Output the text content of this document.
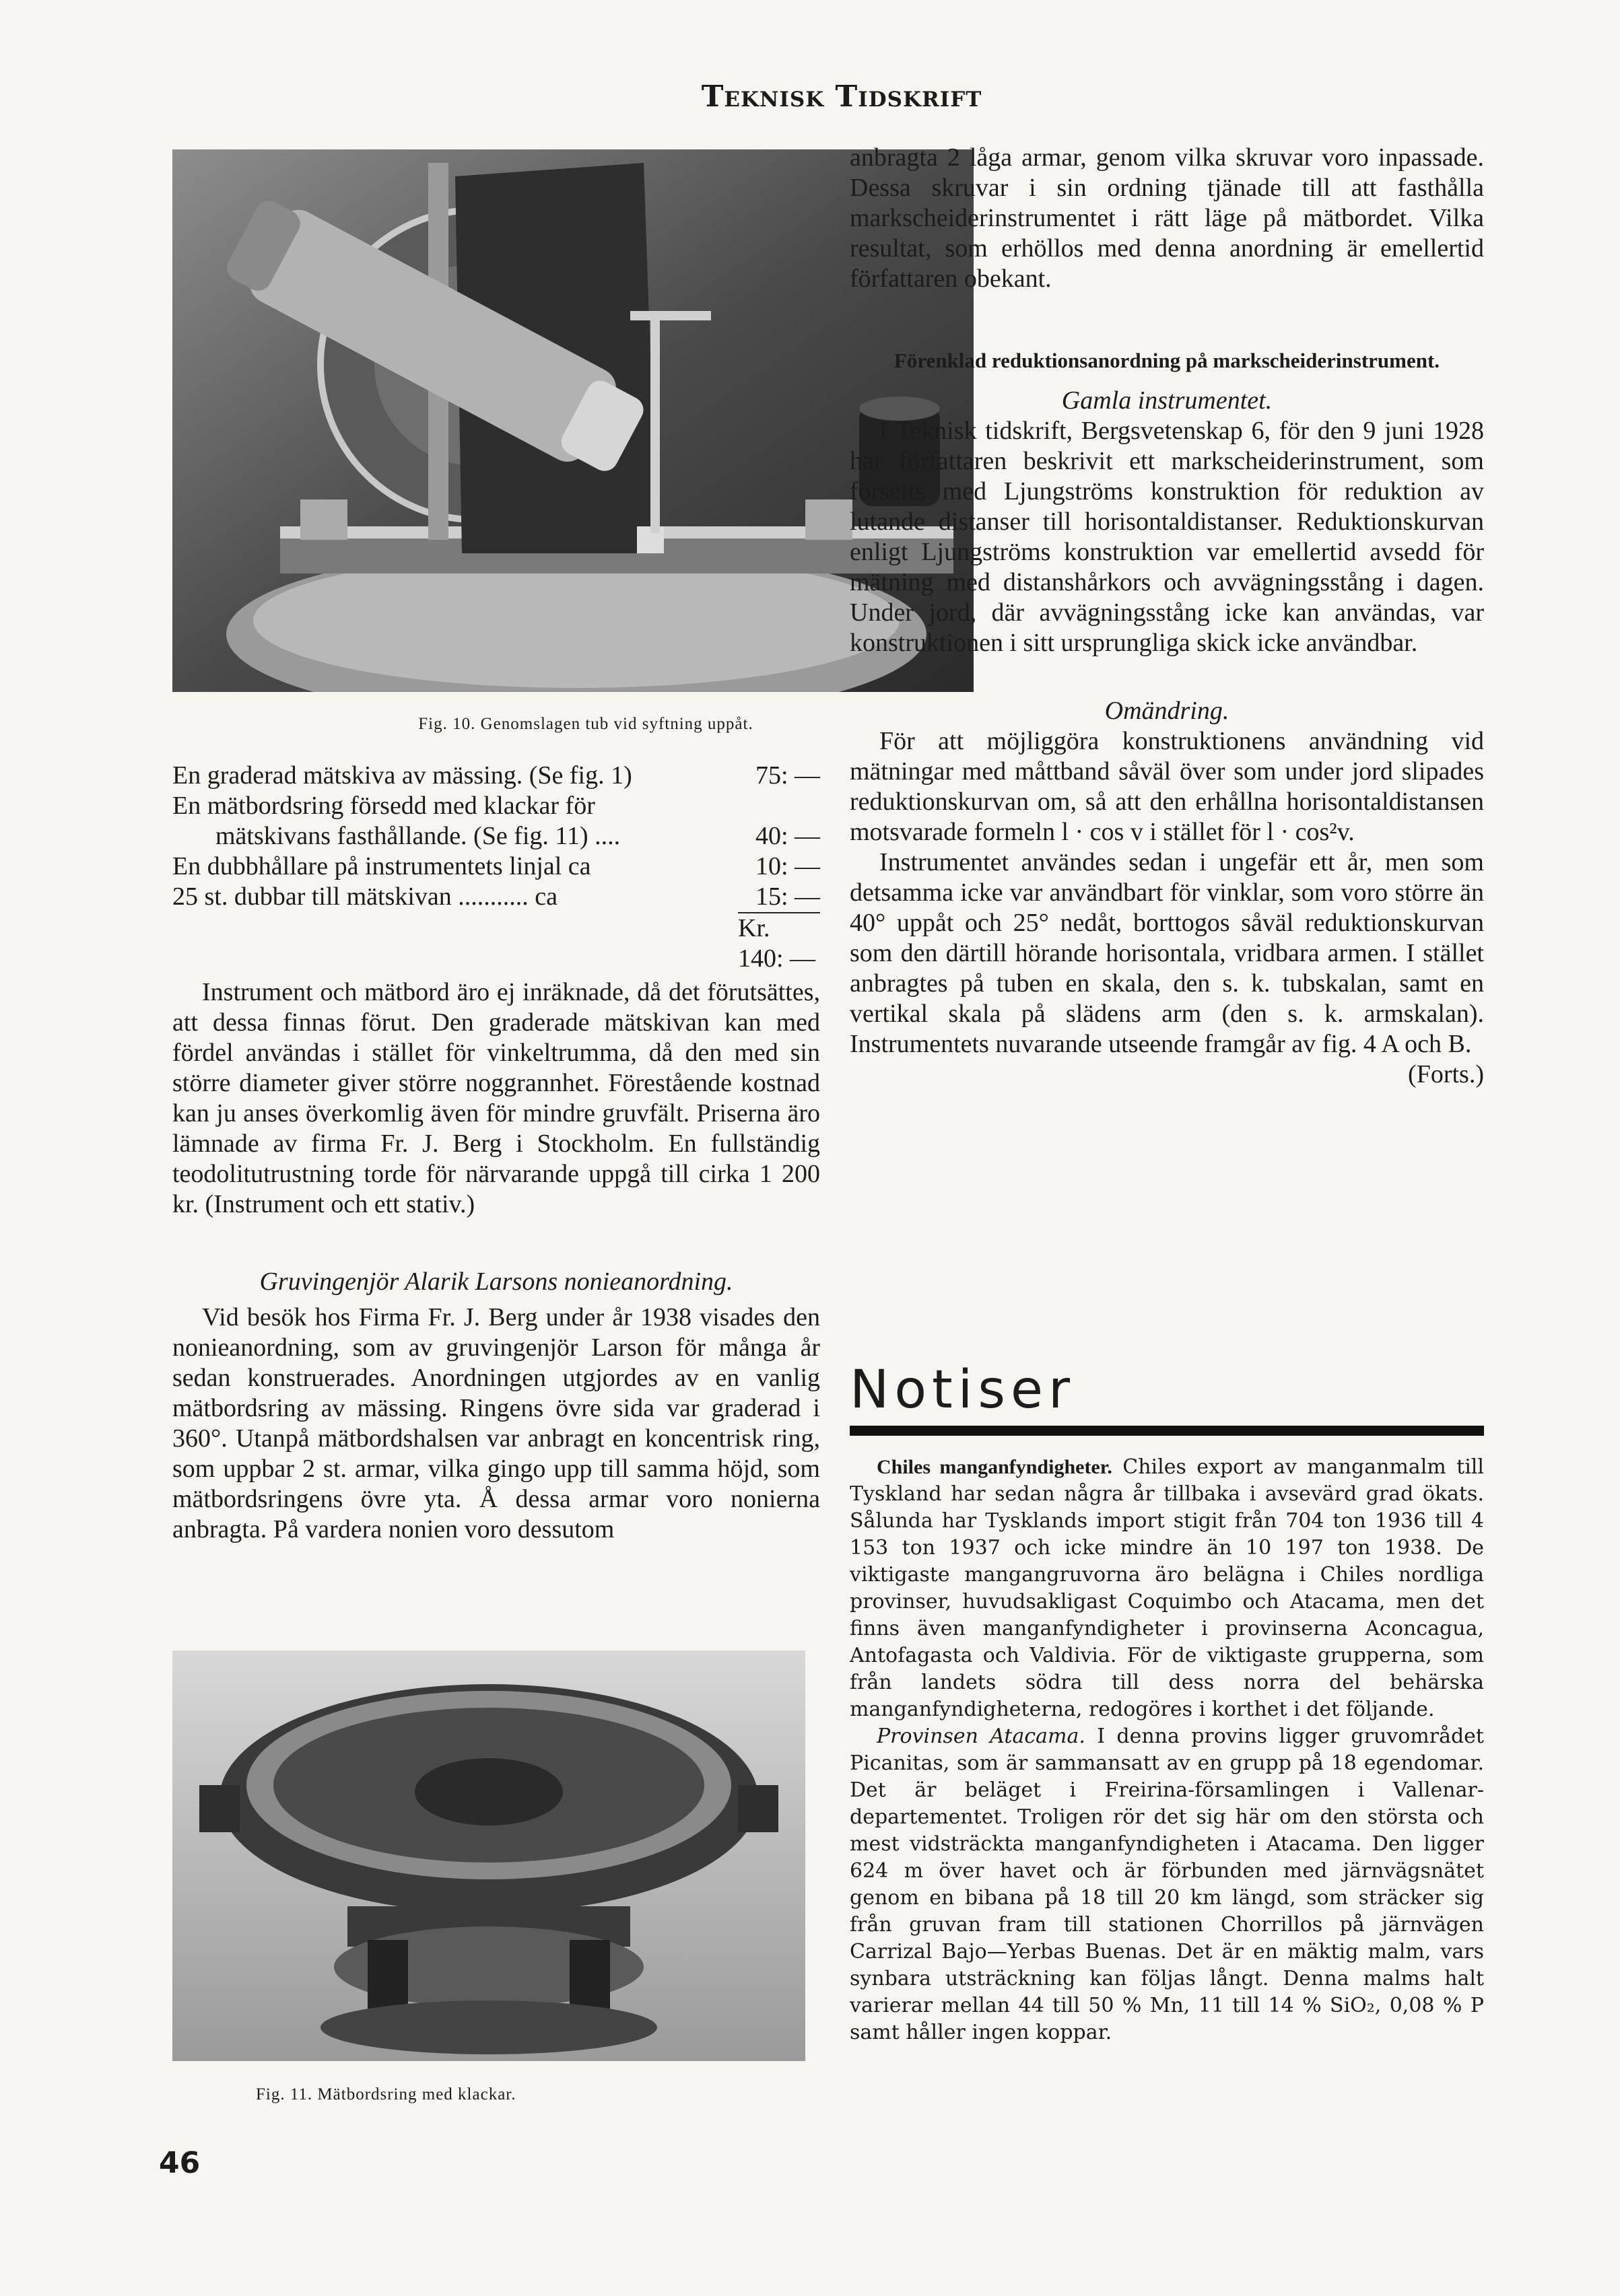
Teknisk Tidskrift
Fig. 10. Genomslagen tub vid syftning uppåt.
En graderad mätskiva av mässing. (Se fig. 1)	75: —
En mätbordsring försedd med klackar för
mätskivans fasthållande. (Se fig. 11) ....	40: —
En dubbhållare på instrumentets linjal ca	10: —
25 st. dubbar till mätskivan ........... ca	15: —
Kr. 140: —

Instrument och mätbord äro ej inräknade, då det förutsättes, att dessa finnas förut. Den graderade mätskivan kan med fördel användas i stället för vinkeltrumma, då den med sin större diameter giver större noggrannhet. Förestående kostnad kan ju anses överkomlig även för mindre gruvfält. Priserna äro lämnade av firma Fr. J. Berg i Stockholm. En fullständig teodolitutrustning torde för närvarande uppgå till cirka 1 200 kr. (Instrument och ett stativ.)

Gruvingenjör Alarik Larsons nonieanordning.

Vid besök hos Firma Fr. J. Berg under år 1938 visades den nonieanordning, som av gruvingenjör Larson för många år sedan konstruerades. Anordningen utgjordes av en vanlig mätbordsring av mässing. Ringens övre sida var graderad i 360°. Utanpå mätbordshalsen var anbragt en koncentrisk ring, som uppbar 2 st. armar, vilka gingo upp till samma höjd, som mätbordsringens övre yta. Å dessa armar voro nonierna anbragta. På vardera nonien voro dessutom

Fig. 11. Mätbordsring med klackar.

anbragta 2 låga armar, genom vilka skruvar voro inpassade. Dessa skruvar i sin ordning tjänade till att fasthålla markscheiderinstrumentet i rätt läge på mätbordet. Vilka resultat, som erhöllos med denna anordning är emellertid författaren obekant.

Förenklad reduktionsanordning på markscheiderinstrument.

Gamla instrumentet.

I Teknisk tidskrift, Bergsvetenskap 6, för den 9 juni 1928 har författaren beskrivit ett markscheiderinstrument, som försetts med Ljungströms konstruktion för reduktion av lutande distanser till horisontaldistanser. Reduktionskurvan enligt Ljungströms konstruktion var emellertid avsedd för mätning med distanshårkors och avvägningsstång i dagen. Under jord, där avvägningsstång icke kan användas, var konstruktionen i sitt ursprungliga skick icke användbar.

Omändring.

För att möjliggöra konstruktionens användning vid mätningar med måttband såväl över som under jord slipades reduktionskurvan om, så att den erhållna horisontaldistansen motsvarade formeln l · cos v i stället för l · cos²v.

Instrumentet användes sedan i ungefär ett år, men som detsamma icke var användbart för vinklar, som voro större än 40° uppåt och 25° nedåt, borttogos såväl reduktionskurvan som den därtill hörande horisontala, vridbara armen. I stället anbragtes på tuben en skala, den s. k. tubskalan, samt en vertikal skala på slädens arm (den s. k. armskalan). Instrumentets nuvarande utseende framgår av fig. 4 A och B.

(Forts.)

Notiser

Chiles manganfyndigheter. Chiles export av manganmalm till Tyskland har sedan några år tillbaka i avsevärd grad ökats. Sålunda har Tysklands import stigit från 704 ton 1936 till 4 153 ton 1937 och icke mindre än 10 197 ton 1938. De viktigaste mangangruvorna äro belägna i Chiles nordliga provinser, huvudsakligast Coquimbo och Atacama, men det finns även manganfyndigheter i provinserna Aconcagua, Antofagasta och Valdivia. För de viktigaste grupperna, som från landets södra till dess norra del behärska manganfyndigheterna, redogöres i korthet i det följande.

Provinsen Atacama. I denna provins ligger gruvområdet Picanitas, som är sammansatt av en grupp på 18 egendomar. Det är beläget i Freirina-församlingen i Vallenar-departementet. Troligen rör det sig här om den största och mest vidsträckta manganfyndigheten i Atacama. Den ligger 624 m över havet och är förbunden med järnvägsnätet genom en bibana på 18 till 20 km längd, som sträcker sig från gruvan fram till stationen Chorrillos på järnvägen Carrizal Bajo—Yerbas Buenas. Det är en mäktig malm, vars synbara utsträckning kan följas långt. Denna malms halt varierar mellan 44 till 50 % Mn, 11 till 14 % SiO₂, 0,08 % P samt håller ingen koppar.

46
